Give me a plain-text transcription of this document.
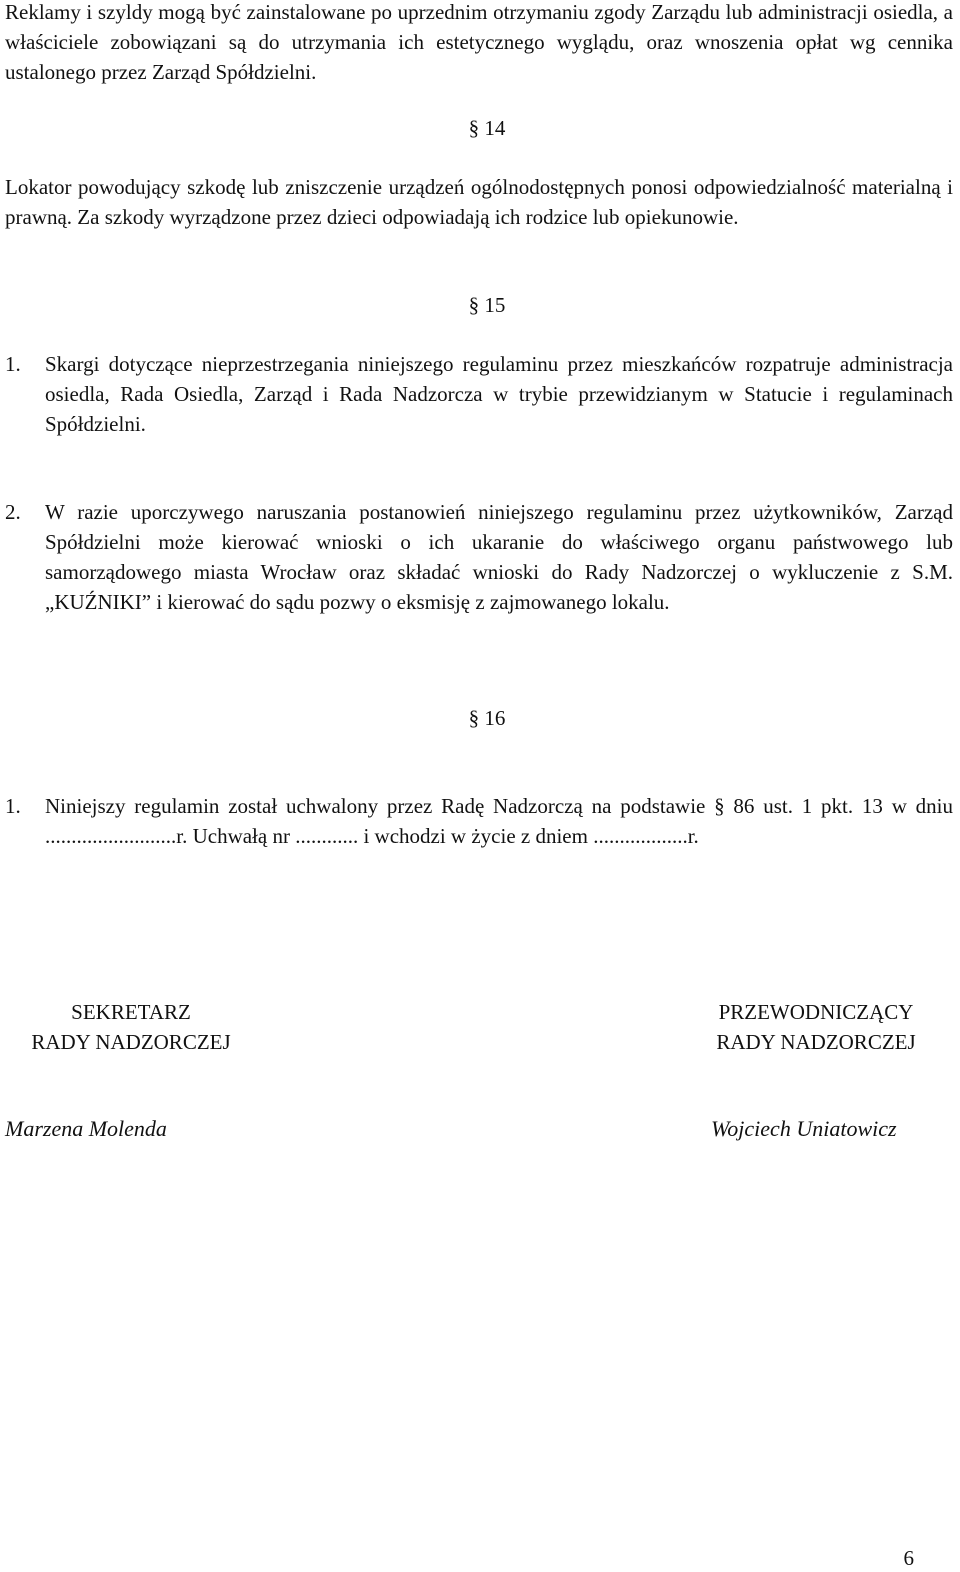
Reklamy i szyldy mogą być zainstalowane po uprzednim otrzymaniu zgody Zarządu lub administracji osiedla, a właściciele zobowiązani są do utrzymania ich estetycznego wyglądu, oraz wnoszenia opłat wg cennika ustalonego przez Zarząd Spółdzielni.

§ 14

Lokator powodujący szkodę lub zniszczenie urządzeń ogólnodostępnych ponosi odpowiedzialność materialną i prawną. Za szkody wyrządzone przez dzieci odpowiadają ich rodzice lub opiekunowie.

§ 15

1. Skargi dotyczące nieprzestrzegania niniejszego regulaminu przez mieszkańców rozpatruje administracja osiedla, Rada Osiedla, Zarząd i Rada Nadzorcza w trybie przewidzianym w Statucie i regulaminach Spółdzielni.

2. W razie uporczywego naruszania postanowień niniejszego regulaminu przez użytkowników, Zarząd Spółdzielni może kierować wnioski o ich ukaranie do właściwego organu państwowego lub samorządowego miasta Wrocław oraz składać wnioski do Rady Nadzorczej o wykluczenie z S.M. „KUŹNIKI” i kierować do sądu pozwy o eksmisję z zajmowanego lokalu.

§ 16

1. Niniejszy regulamin został uchwalony przez Radę Nadzorczą na podstawie § 86 ust. 1 pkt. 13 w dniu .........................r. Uchwałą nr ............ i wchodzi w życie z dniem ..................r.

SEKRETARZ
RADY NADZORCZEJ
PRZEWODNICZĄCY
RADY NADZORCZEJ
Marzena Molenda	Wojciech Uniatowicz
6
